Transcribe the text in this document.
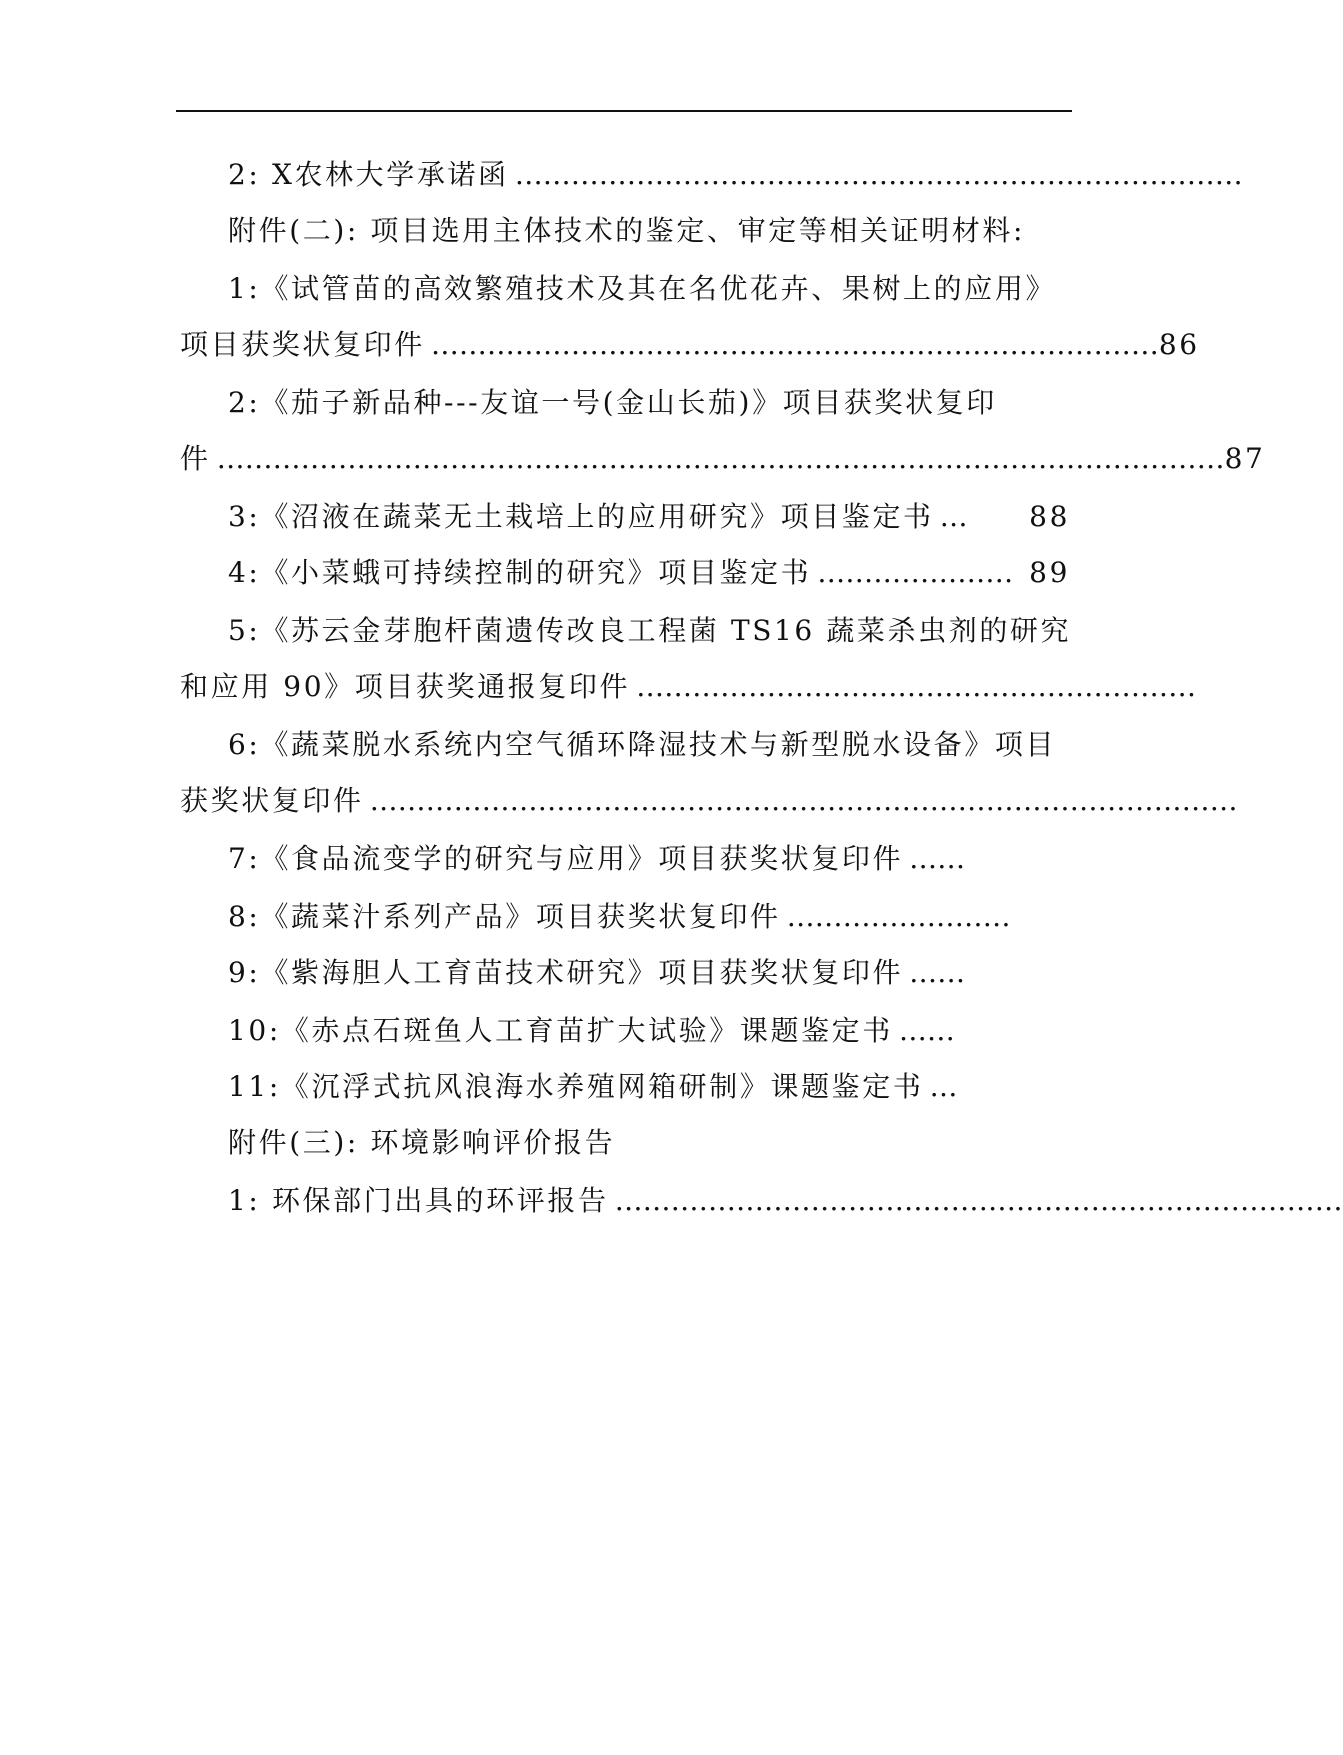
2: X农林大学承诺函 ……………………………………………………………………
附件(二): 项目选用主体技术的鉴定、审定等相关证明材料:
1:《试管苗的高效繁殖技术及其在名优花卉、果树上的应用》
项目获奖状复印件 …………………………………………………………………… 86
2:《茄子新品种---友谊一号(金山长茄)》项目获奖状复印
件 ……………………………………………………………………………………………… 87
3:《沼液在蔬菜无土栽培上的应用研究》项目鉴定书 …	88
4:《小菜蛾可持续控制的研究》项目鉴定书 ………………… 89
5:《苏云金芽胞杆菌遗传改良工程菌 TS16 蔬菜杀虫剂的研究
和应用 90》项目获奖通报复印件 ……………………………………………………
6:《蔬菜脱水系统内空气循环降湿技术与新型脱水设备》项目
获奖状复印件 …………………………………………………………………………………
7:《食品流变学的研究与应用》项目获奖状复印件 ……
8:《蔬菜汁系列产品》项目获奖状复印件 ……………………
9:《紫海胆人工育苗技术研究》项目获奖状复印件 ……
10:《赤点石斑鱼人工育苗扩大试验》课题鉴定书 ……
11:《沉浮式抗风浪海水养殖网箱研制》课题鉴定书 …
附件(三): 环境影响评价报告
1: 环保部门出具的环评报告 ……………………………………………………………………
